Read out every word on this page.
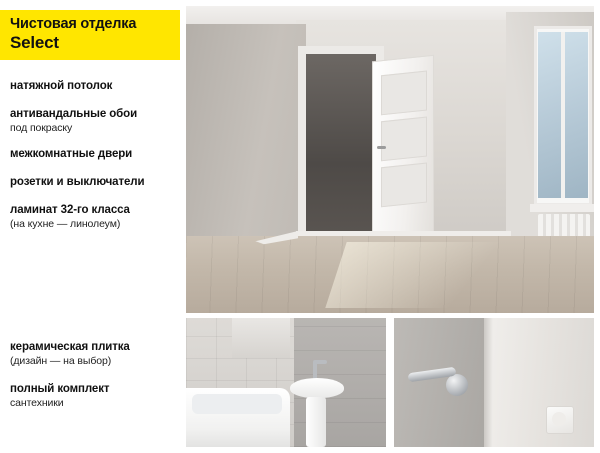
Чистовая отделка
Select
натяжной потолок
антивандальные обои
под покраску
межкомнатные двери
розетки и выключатели
ламинат 32-го класса
(на кухне — линолеум)
керамическая плитка
(дизайн — на выбор)
полный комплект
сантехники
